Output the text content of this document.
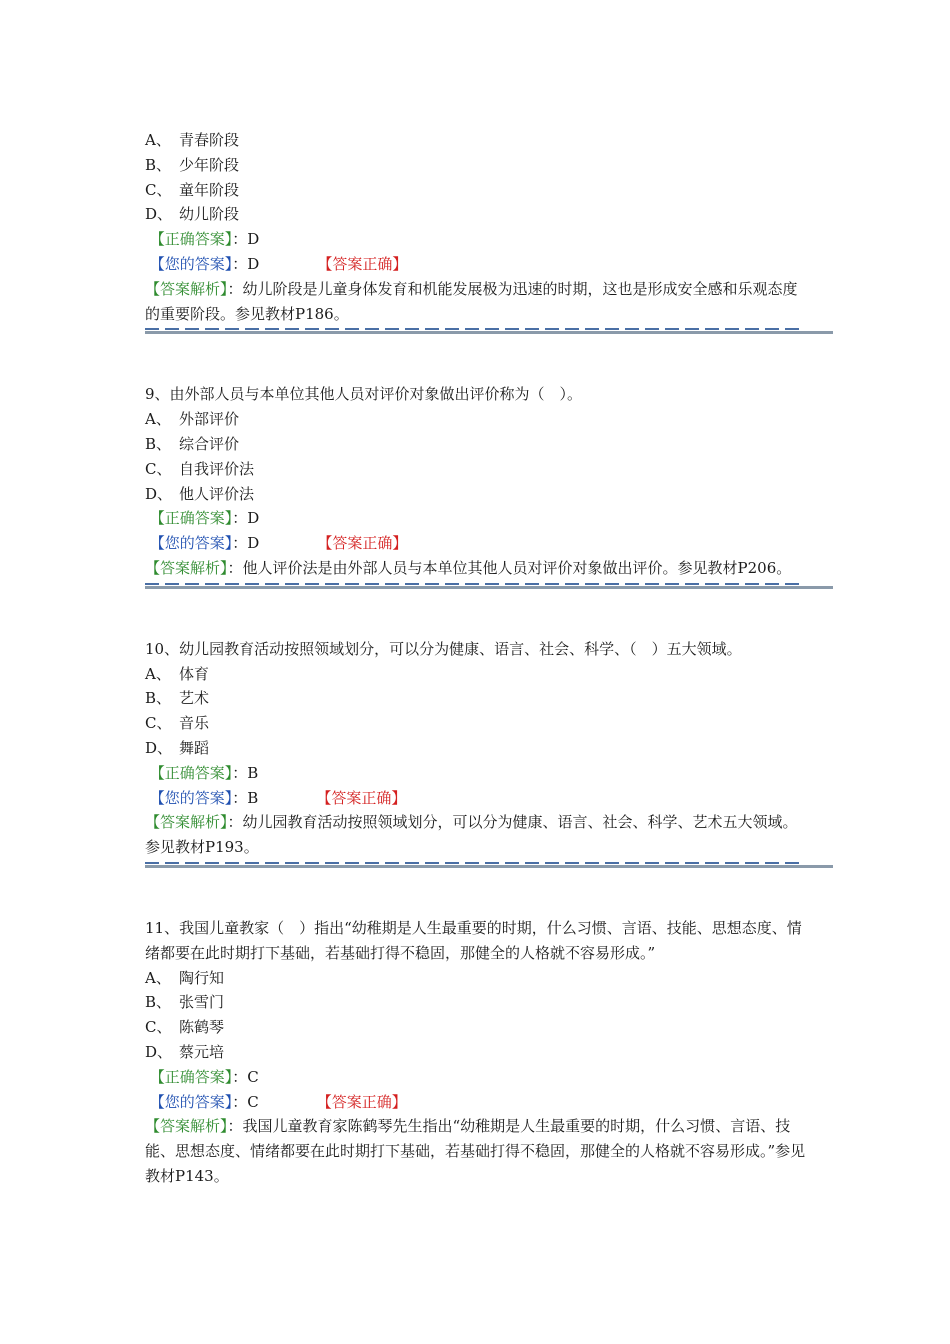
A、 青春阶段
B、 少年阶段
C、 童年阶段
D、 幼儿阶段
【正确答案】：D
【您的答案】：D	【答案正确】
【答案解析】：幼儿阶段是儿童身体发育和机能发展极为迅速的时期，这也是形成安全感和乐观态度的重要阶段。参见教材P186。
9、由外部人员与本单位其他人员对评价对象做出评价称为（　）。
A、 外部评价
B、 综合评价
C、 自我评价法
D、 他人评价法
【正确答案】：D
【您的答案】：D	【答案正确】
【答案解析】：他人评价法是由外部人员与本单位其他人员对评价对象做出评价。参见教材P206。
10、幼儿园教育活动按照领域划分，可以分为健康、语言、社会、科学、（　）五大领域。
A、 体育
B、 艺术
C、 音乐
D、 舞蹈
【正确答案】：B
【您的答案】：B	【答案正确】
【答案解析】：幼儿园教育活动按照领域划分，可以分为健康、语言、社会、科学、艺术五大领域。参见教材P193。
11、我国儿童教家（　）指出“幼稚期是人生最重要的时期，什么习惯、言语、技能、思想态度、情绪都要在此时期打下基础，若基础打得不稳固，那健全的人格就不容易形成。”
A、 陶行知
B、 张雪门
C、 陈鹤琴
D、 蔡元培
【正确答案】：C
【您的答案】：C	【答案正确】
【答案解析】：我国儿童教育家陈鹤琴先生指出“幼稚期是人生最重要的时期，什么习惯、言语、技能、思想态度、情绪都要在此时期打下基础，若基础打得不稳固，那健全的人格就不容易形成。”参见教材P143。
